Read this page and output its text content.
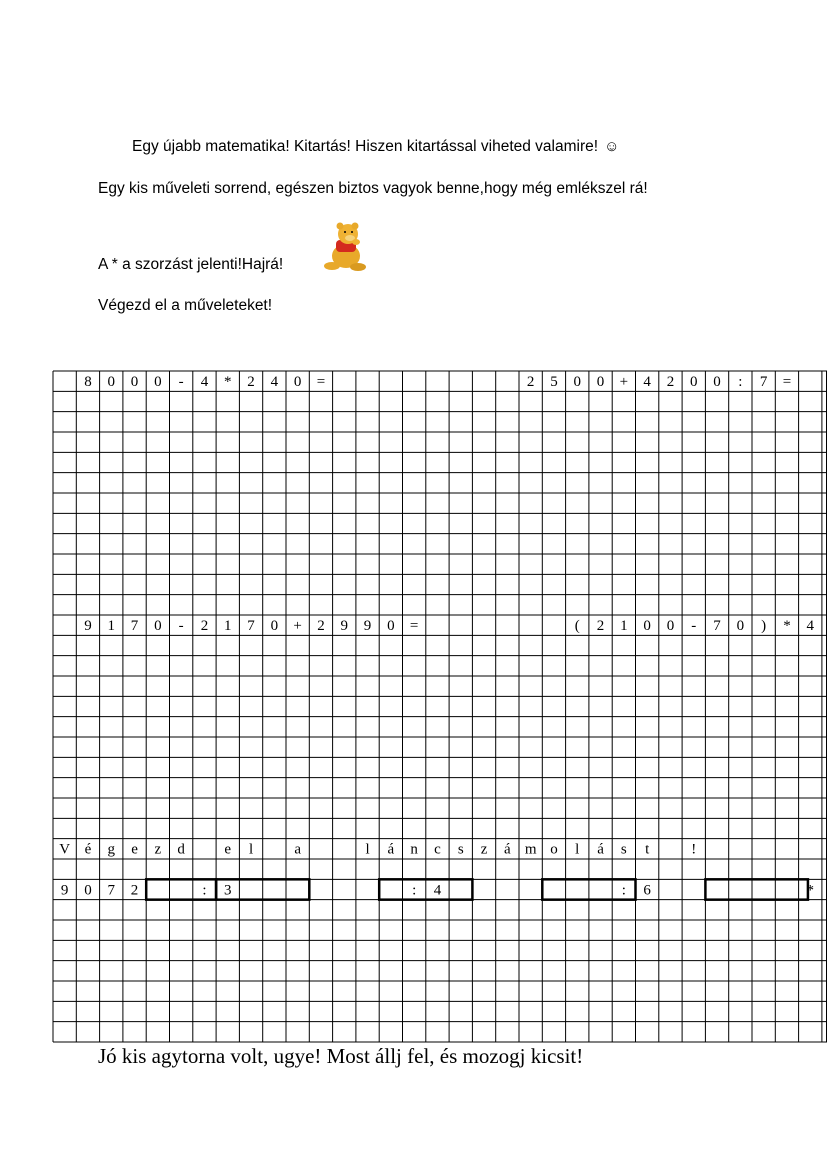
Egy újabb matematika! Kitartás! Hiszen kitartással viheted valamire! ☺
Egy kis műveleti sorrend, egészen biztos vagyok benne,hogy még emlékszel rá!
A * a szorzást jelenti!Hajrá!
Végezd el a műveleteket!
8 0 0 0 - 4 * 2 4 0 =	2 5 0 0 + 4 2 0 0 : 7 =
9 1 7 0 - 2 1 7 0 + 2 9 9 0 =	( 2 1 0 0 - 7 0 ) * 4
V é g e z d	e l	a	l á n c s z á m o l á s t	!
9 0 7 2	: 3	: 4	: 6	*
Jó kis agytorna volt, ugye! Most állj fel, és mozogj kicsit!
